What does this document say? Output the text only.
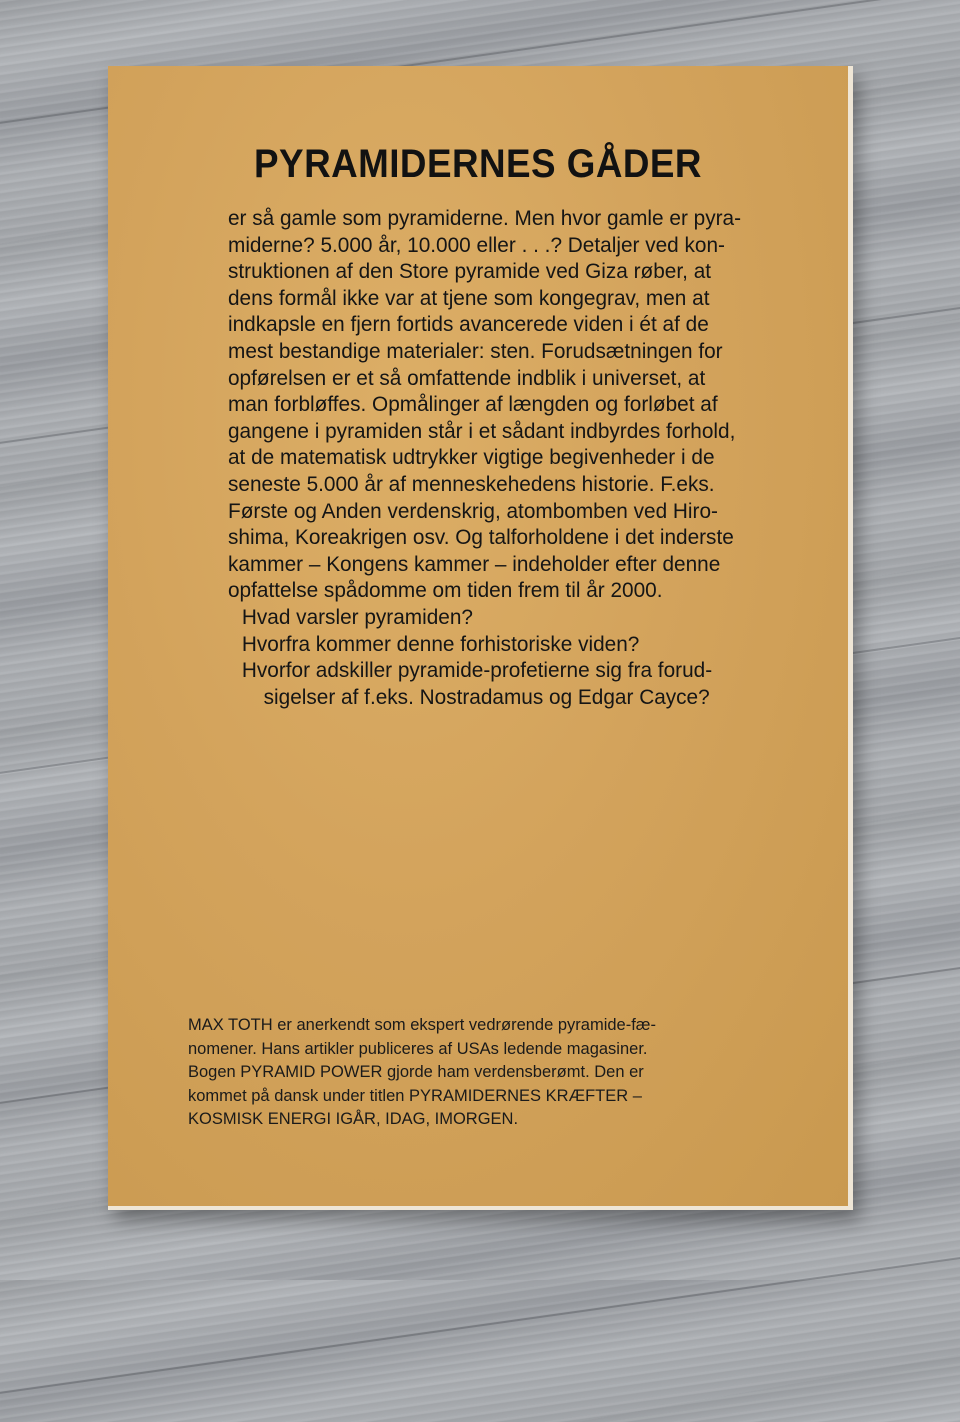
PYRAMIDERNES GÅDER
er så gamle som pyramiderne. Men hvor gamle er pyra-
miderne? 5.000 år, 10.000 eller . . .? Detaljer ved kon-
struktionen af den Store pyramide ved Giza røber, at
dens formål ikke var at tjene som kongegrav, men at
indkapsle en fjern fortids avancerede viden i ét af de
mest bestandige materialer: sten. Forudsætningen for
opførelsen er et så omfattende indblik i universet, at
man forbløffes. Opmålinger af længden og forløbet af
gangene i pyramiden står i et sådant indbyrdes forhold,
at de matematisk udtrykker vigtige begivenheder i de
seneste 5.000 år af menneskehedens historie. F.eks.
Første og Anden verdenskrig, atombomben ved Hiro-
shima, Koreakrigen osv. Og talforholdene i det inderste
kammer – Kongens kammer – indeholder efter denne
opfattelse spådomme om tiden frem til år 2000.
Hvad varsler pyramiden?
Hvorfra kommer denne forhistoriske viden?
Hvorfor adskiller pyramide-profetierne sig fra forud-
sigelser af f.eks. Nostradamus og Edgar Cayce?
MAX TOTH er anerkendt som ekspert vedrørende pyramide-fæ-
nomener. Hans artikler publiceres af USAs ledende magasiner.
Bogen PYRAMID POWER gjorde ham verdensberømt. Den er
kommet på dansk under titlen PYRAMIDERNES KRÆFTER –
KOSMISK ENERGI IGÅR, IDAG, IMORGEN.
